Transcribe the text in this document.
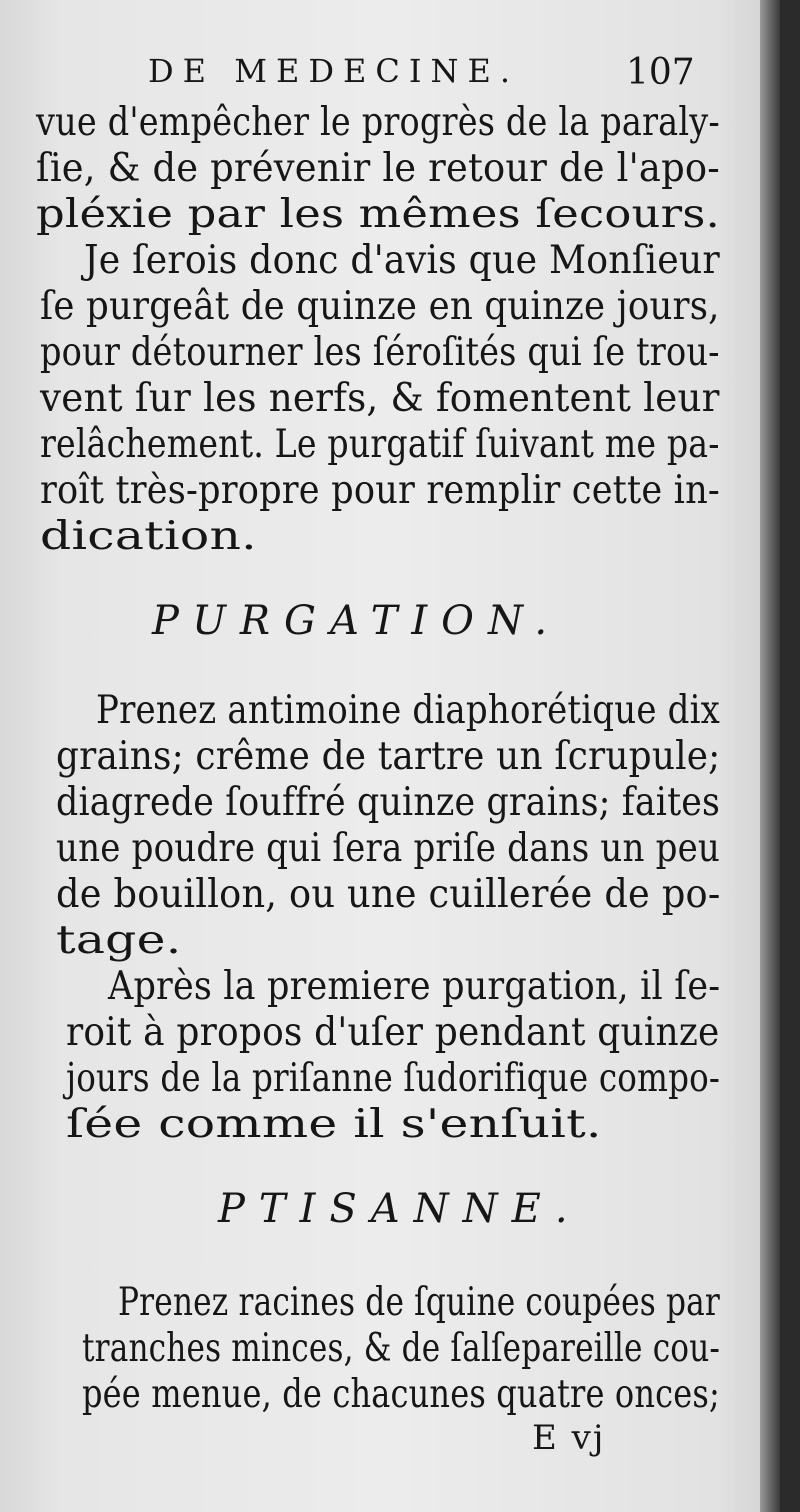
DE MEDECINE.	107

vue d'empêcher le progrès de la paraly-

ſie, & de prévenir le retour de l'apo-

pléxie par les mêmes ſecours.

Je ſerois donc d'avis que Monſieur

ſe purgeât de quinze en quinze jours,

pour détourner les ſéroſités qui ſe trou-

vent ſur les nerfs, & fomentent leur

relâchement. Le purgatif ſuivant me pa-

roît très-propre pour remplir cette in-

dication.

PURGATION.

Prenez antimoine diaphorétique dix

grains; crême de tartre un ſcrupule;

diagrede ſouffré quinze grains; faites

une poudre qui ſera priſe dans un peu

de bouillon, ou une cuillerée de po-

tage.

Après la premiere purgation, il ſe-

roit à propos d'uſer pendant quinze

jours de la priſanne ſudorifique compo-

ſée comme il s'enſuit.

PTISANNE.

Prenez racines de ſquine coupées par

tranches minces, & de ſalſepareille cou-

pée menue, de chacunes quatre onces;

E vj
